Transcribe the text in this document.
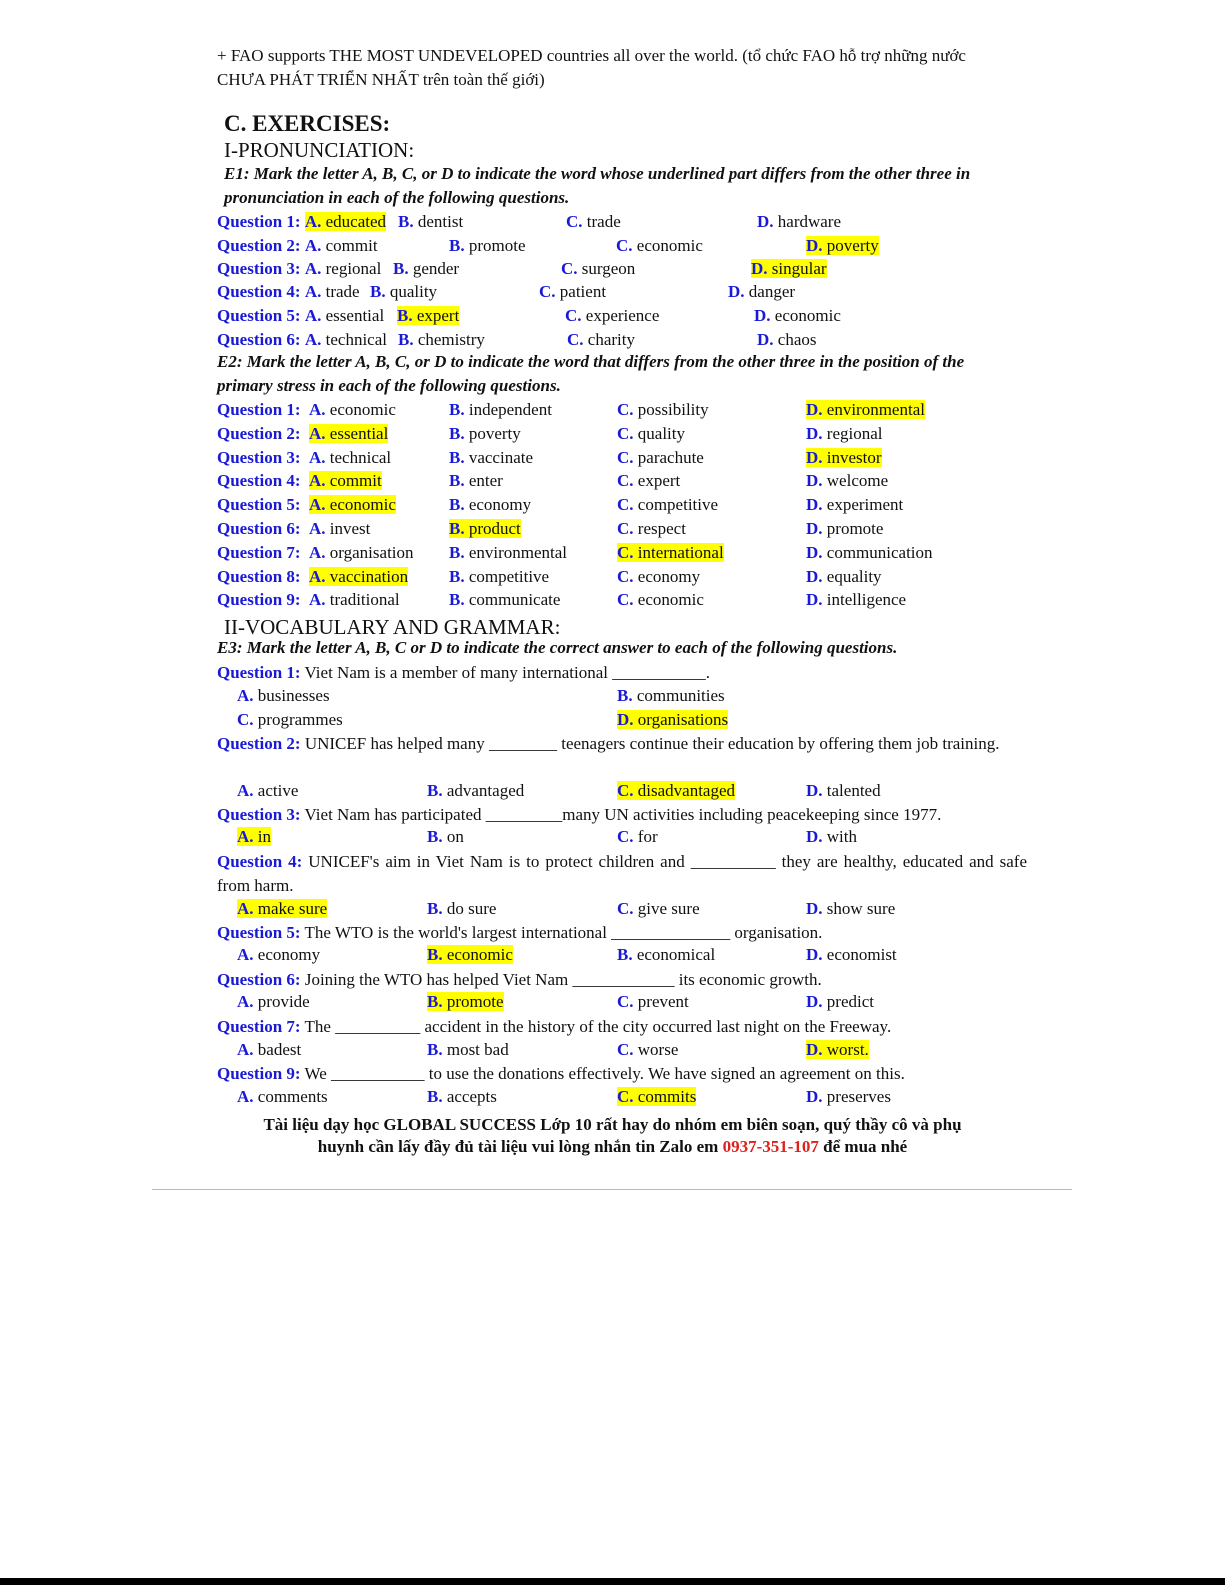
+ FAO supports THE MOST UNDEVELOPED countries all over the world. (tổ chức FAO hỗ trợ những nước CHƯA PHÁT TRIỂN NHẤT trên toàn thế giới)
C. EXERCISES:
I-PRONUNCIATION:
E1: Mark the letter A, B, C, or D to indicate the word whose underlined part differs from the other three in pronunciation in each of the following questions.
Question 1: A. educated B. dentist	C. trade	D. hardware
Question 2: A. commit	B. promote	C. economic	D. poverty
Question 3: A. regional B. gender	C. surgeon	D. singular
Question 4: A. trade B. quality	C. patient	D. danger
Question 5: A. essential B. expert	C. experience	D. economic
Question 6: A. technical B. chemistry	C. charity	D. chaos
E2: Mark the letter A, B, C, or D to indicate the word that differs from the other three in the position of the primary stress in each of the following questions.
Question 1: A. economic	B. independent	C. possibility	D. environmental
Question 2: A. essential	B. poverty	C. quality	D. regional
Question 3: A. technical	B. vaccinate	C. parachute	D. investor
Question 4: A. commit	B. enter	C. expert	D. welcome
Question 5: A. economic	B. economy	C. competitive	D. experiment
Question 6: A. invest	B. product	C. respect	D. promote
Question 7: A. organisation B. environmental	C. international	D. communication
Question 8: A. vaccination B. competitive	C. economy	D. equality
Question 9: A. traditional	B. communicate	C. economic	D. intelligence
II-VOCABULARY AND GRAMMAR:
E3: Mark the letter A, B, C or D to indicate the correct answer to each of the following questions.
Question 1: Viet Nam is a member of many international ___________.
A. businesses	B. communities
C. programmes	D. organisations
Question 2: UNICEF has helped many ________ teenagers continue their education by offering them job training.
A. active	B. advantaged	C. disadvantaged	D. talented
Question 3: Viet Nam has participated _________many UN activities including peacekeeping since 1977.
A. in	B. on	C. for	D. with
Question 4: UNICEF's aim in Viet Nam is to protect children and __________ they are healthy, educated and safe from harm.
A. make sure	B. do sure	C. give sure	D. show sure
Question 5: The WTO is the world's largest international ______________ organisation.
A. economy	B. economic	B. economical	D. economist
Question 6: Joining the WTO has helped Viet Nam ____________ its economic growth.
A. provide	B. promote	C. prevent	D. predict
Question 7: The __________ accident in the history of the city occurred last night on the Freeway.
A. badest	B. most bad	C. worse	D. worst.
Question 9: We ___________ to use the donations effectively. We have signed an agreement on this.
A. comments	B. accepts	C. commits	D. preserves
Tài liệu dạy học GLOBAL SUCCESS Lớp 10 rất hay do nhóm em biên soạn, quý thầy cô và phụ huynh cần lấy đầy đủ tài liệu vui lòng nhắn tin Zalo em 0937-351-107 để mua nhé
